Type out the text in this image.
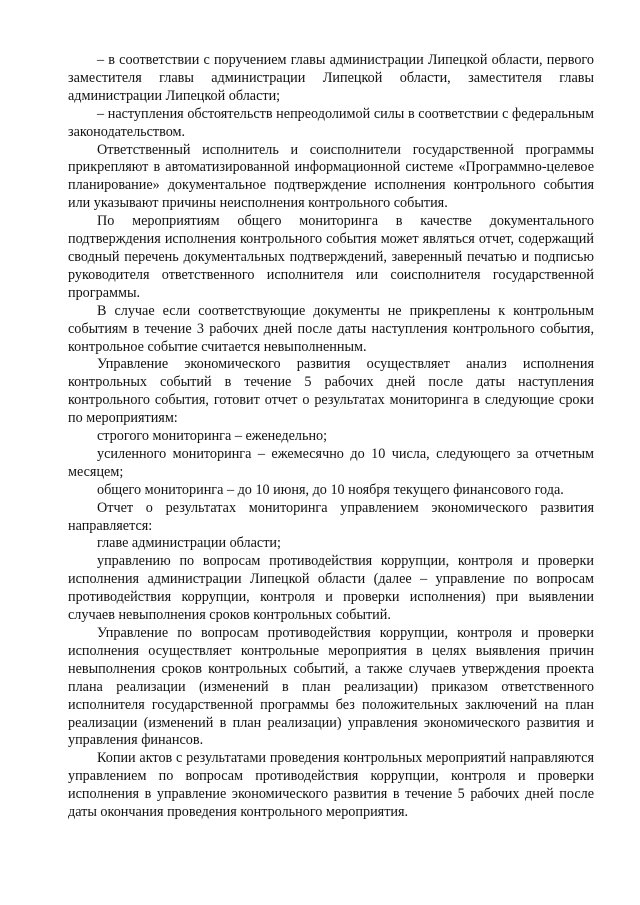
– в соответствии с поручением главы администрации Липецкой области, первого заместителя главы администрации Липецкой области, заместителя главы администрации Липецкой области;

– наступления обстоятельств непреодолимой силы в соответствии с федеральным законодательством.

Ответственный исполнитель и соисполнители государственной программы прикрепляют в автоматизированной информационной системе «Программно-целевое планирование» документальное подтверждение исполнения контрольного события или указывают причины неисполнения контрольного события.

По мероприятиям общего мониторинга в качестве документального подтверждения исполнения контрольного события может являться отчет, содержащий сводный перечень документальных подтверждений, заверенный печатью и подписью руководителя ответственного исполнителя или соисполнителя государственной программы.

В случае если соответствующие документы не прикреплены к контрольным событиям в течение 3 рабочих дней после даты наступления контрольного события, контрольное событие считается невыполненным.

Управление экономического развития осуществляет анализ исполнения контрольных событий в течение 5 рабочих дней после даты наступления контрольного события, готовит отчет о результатах мониторинга в следующие сроки по мероприятиям:

строгого мониторинга – еженедельно;

усиленного мониторинга – ежемесячно до 10 числа, следующего за отчетным месяцем;

общего мониторинга – до 10 июня, до 10 ноября текущего финансового года.

Отчет о результатах мониторинга управлением экономического развития направляется:

главе администрации области;

управлению по вопросам противодействия коррупции, контроля и проверки исполнения администрации Липецкой области (далее – управление по вопросам противодействия коррупции, контроля и проверки исполнения) при выявлении случаев невыполнения сроков контрольных событий.

Управление по вопросам противодействия коррупции, контроля и проверки исполнения осуществляет контрольные мероприятия в целях выявления причин невыполнения сроков контрольных событий, а также случаев утверждения проекта плана реализации (изменений в план реализации) приказом ответственного исполнителя государственной программы без положительных заключений на план реализации (изменений в план реализации) управления экономического развития и управления финансов.

Копии актов с результатами проведения контрольных мероприятий направляются управлением по вопросам противодействия коррупции, контроля и проверки исполнения в управление экономического развития в течение 5 рабочих дней после даты окончания проведения контрольного мероприятия.
